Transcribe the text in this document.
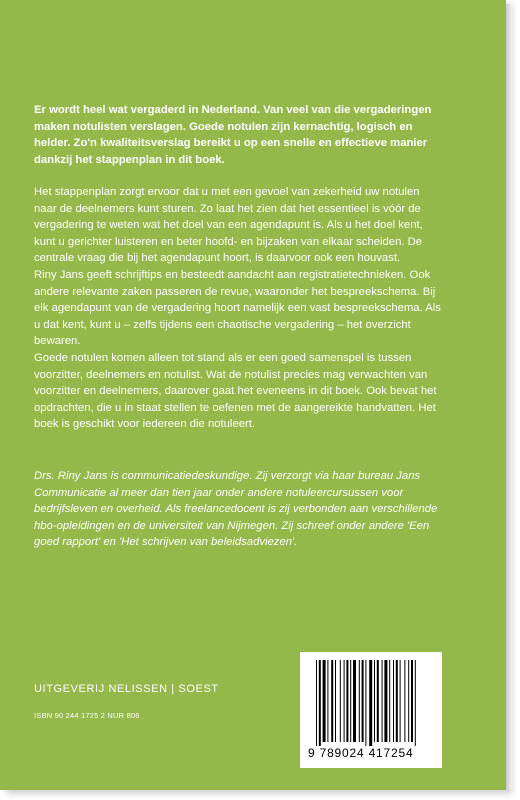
Er wordt heel wat vergaderd in Nederland. Van veel van die vergaderingen maken notulisten verslagen. Goede notulen zijn kernachtig, logisch en helder. Zo'n kwaliteitsverslag bereikt u op een snelle en effectieve manier dankzij het stappenplan in dit boek.

Het stappenplan zorgt ervoor dat u met een gevoel van zekerheid uw notulen naar de deelnemers kunt sturen. Zo laat het zien dat het essentieel is vóór de vergadering te weten wat het doel van een agendapunt is. Als u het doel kent, kunt u gerichter luisteren en beter hoofd- en bijzaken van elkaar scheiden. De centrale vraag die bij het agendapunt hoort, is daarvoor ook een houvast.

Riny Jans geeft schrijftips en besteedt aandacht aan registratietechnieken. Ook andere relevante zaken passeren de revue, waaronder het bespreekschema. Bij elk agendapunt van de vergadering hoort namelijk een vast bespreekschema. Als u dat kent, kunt u – zelfs tijdens een chaotische vergadering – het overzicht bewaren.

Goede notulen komen alleen tot stand als er een goed samenspel is tussen voorzitter, deelnemers en notulist. Wat de notulist precies mag verwachten van voorzitter en deelnemers, daarover gaat het eveneens in dit boek. Ook bevat het opdrachten, die u in staat stellen te oefenen met de aangereikte handvatten. Het boek is geschikt voor iedereen die notuleert.

Drs. Riny Jans is communicatiedeskundige. Zij verzorgt via haar bureau Jans Communicatie al meer dan tien jaar onder andere notuleercursussen voor bedrijfsleven en overheid. Als freelancedocent is zij verbonden aan verschillende hbo-opleidingen en de universiteit van Nijmegen. Zij schreef onder andere 'Een goed rapport' en 'Het schrijven van beleidsadviezen'.
UITGEVERIJ NELISSEN | SOEST
ISBN 90 244 1725 2 NUR 806
9 789024 417254
